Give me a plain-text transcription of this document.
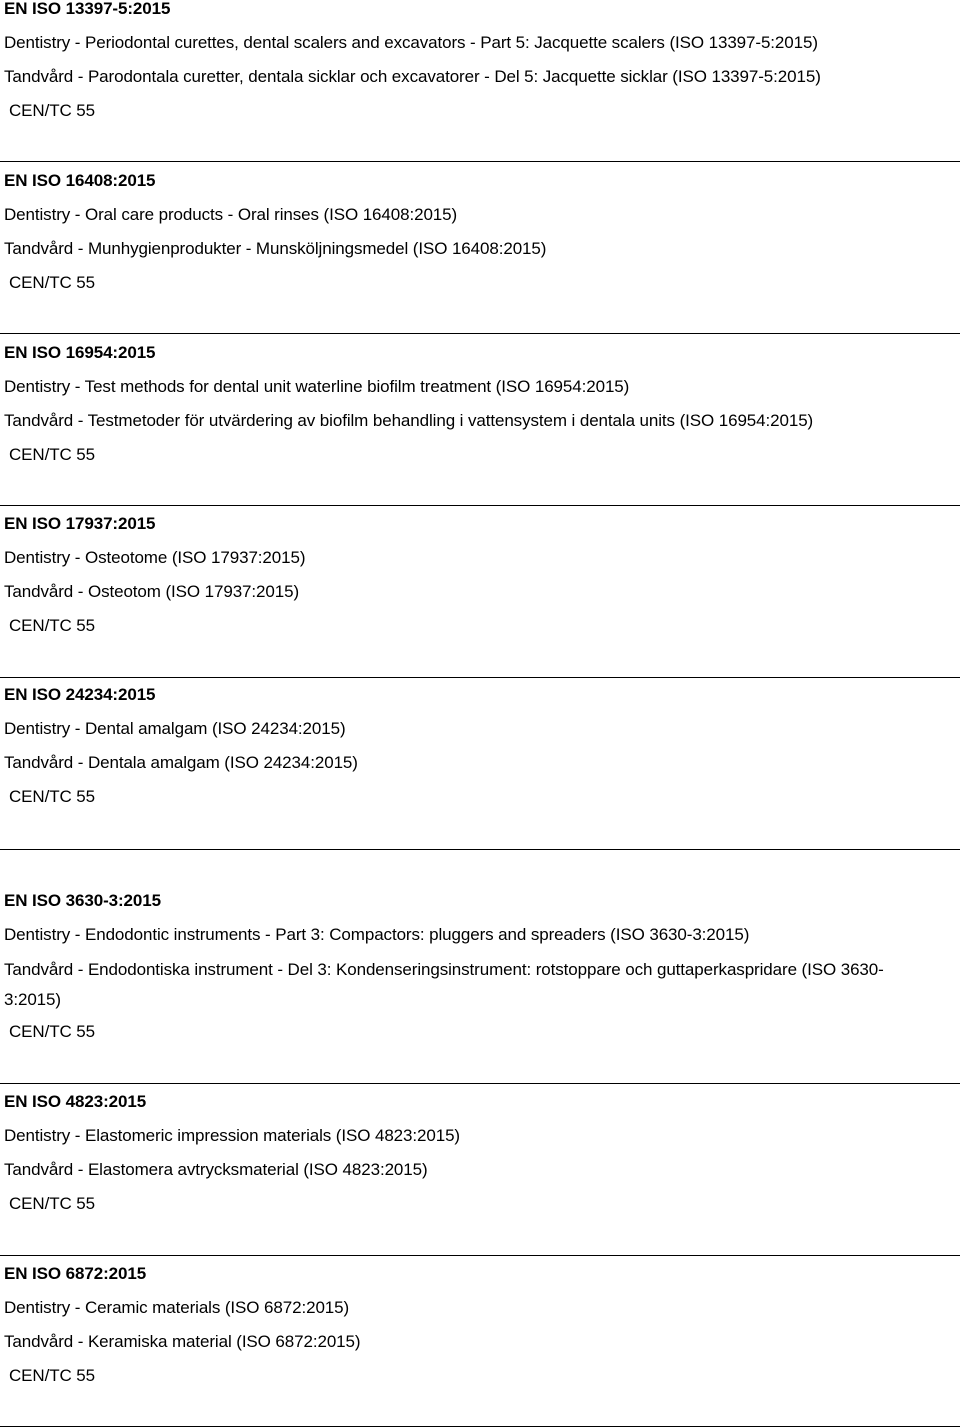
EN ISO 13397-5:2015
Dentistry - Periodontal curettes, dental scalers and excavators - Part 5: Jacquette scalers (ISO 13397-5:2015)
Tandvård - Parodontala curetter, dentala sicklar och excavatorer - Del 5: Jacquette sicklar (ISO 13397-5:2015)
CEN/TC 55
EN ISO 16408:2015
Dentistry - Oral care products - Oral rinses (ISO 16408:2015)
Tandvård - Munhygienprodukter - Munsköljningsmedel (ISO 16408:2015)
CEN/TC 55
EN ISO 16954:2015
Dentistry - Test methods for dental unit waterline biofilm treatment (ISO 16954:2015)
Tandvård - Testmetoder för utvärdering av biofilm behandling i vattensystem i dentala units (ISO 16954:2015)
CEN/TC 55
EN ISO 17937:2015
Dentistry - Osteotome (ISO 17937:2015)
Tandvård - Osteotom (ISO 17937:2015)
CEN/TC 55
EN ISO 24234:2015
Dentistry - Dental amalgam (ISO 24234:2015)
Tandvård - Dentala amalgam (ISO 24234:2015)
CEN/TC 55
EN ISO 3630-3:2015
Dentistry - Endodontic instruments - Part 3: Compactors: pluggers and spreaders (ISO 3630-3:2015)
Tandvård - Endodontiska instrument - Del 3: Kondenseringsinstrument: rotstoppare och guttaperkaspridare (ISO 3630-3:2015)
CEN/TC 55
EN ISO 4823:2015
Dentistry - Elastomeric impression materials (ISO 4823:2015)
Tandvård - Elastomera avtrycksmaterial (ISO 4823:2015)
CEN/TC 55
EN ISO 6872:2015
Dentistry - Ceramic materials (ISO 6872:2015)
Tandvård - Keramiska material (ISO 6872:2015)
CEN/TC 55
